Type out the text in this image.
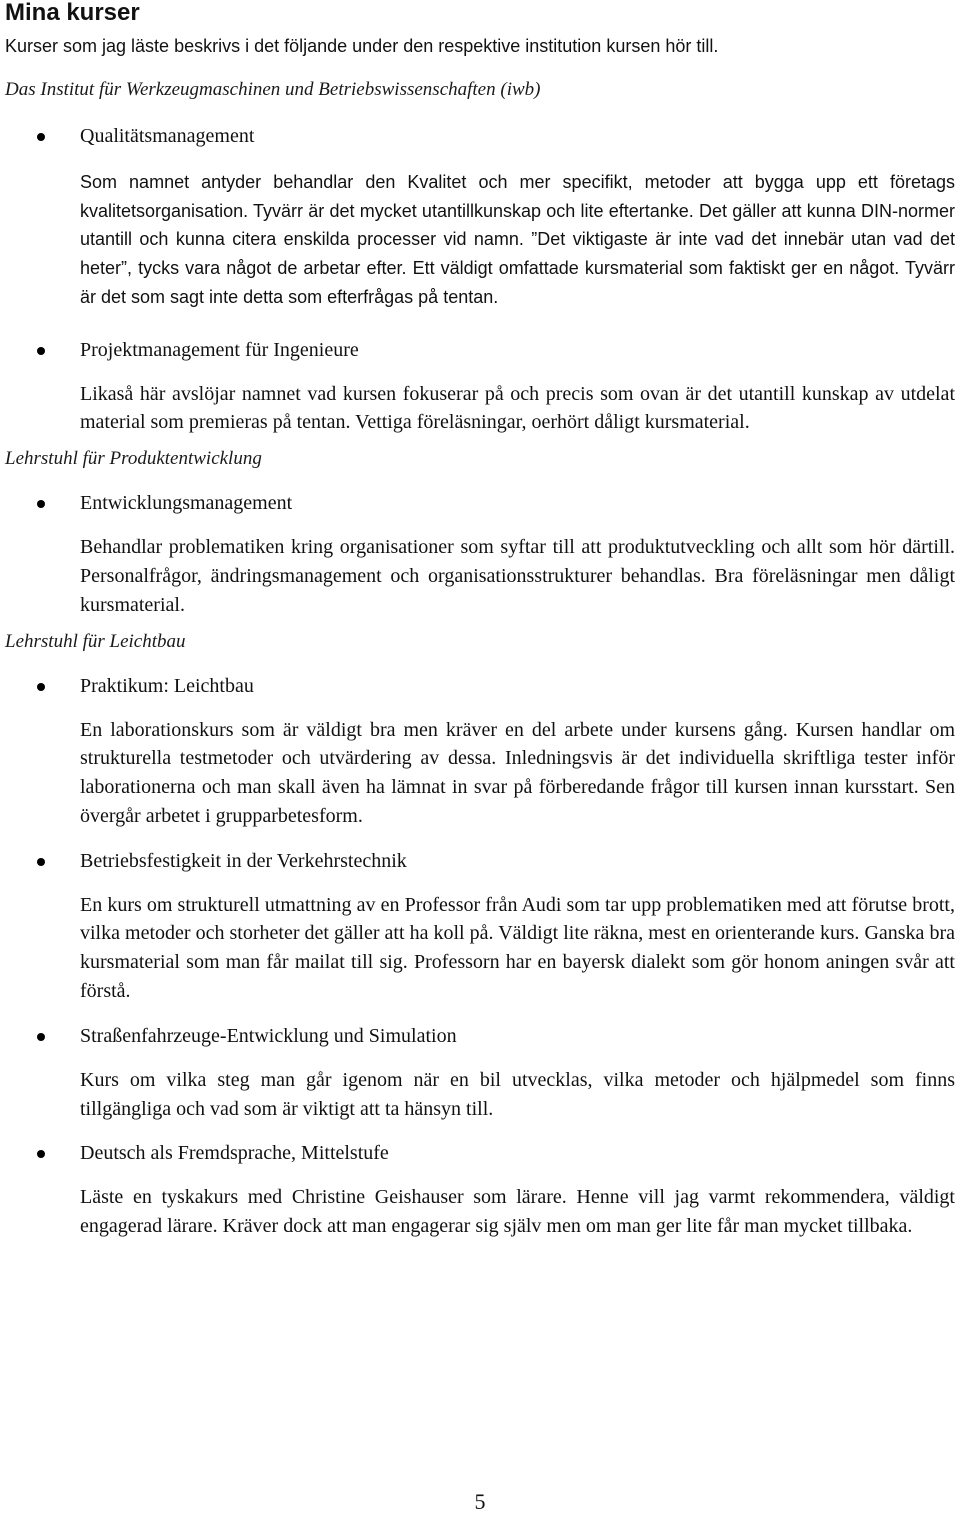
Mina kurser

Kurser som jag läste beskrivs i det följande under den respektive institution kursen hör till.

Das Institut für Werkzeugmaschinen und Betriebswissenschaften (iwb)

Qualitätsmanagement

Som namnet antyder behandlar den Kvalitet och mer specifikt, metoder att bygga upp ett företags kvalitetsorganisation. Tyvärr är det mycket utantillkunskap och lite eftertanke. Det gäller att kunna DIN-normer utantill och kunna citera enskilda processer vid namn. ”Det viktigaste är inte vad det innebär utan vad det heter”, tycks vara något de arbetar efter. Ett väldigt omfattade kursmaterial som faktiskt ger en något. Tyvärr är det som sagt inte detta som efterfrågas på tentan.

Projektmanagement für Ingenieure

Likaså här avslöjar namnet vad kursen fokuserar på och precis som ovan är det utantill kunskap av utdelat material som premieras på tentan. Vettiga föreläsningar, oerhört dåligt kursmaterial.

Lehrstuhl für Produktentwicklung

Entwicklungsmanagement

Behandlar problematiken kring organisationer som syftar till att produktutveckling och allt som hör därtill. Personalfrågor, ändringsmanagement och organisationsstrukturer behandlas. Bra föreläsningar men dåligt kursmaterial.

Lehrstuhl für Leichtbau

Praktikum: Leichtbau

En laborationskurs som är väldigt bra men kräver en del arbete under kursens gång. Kursen handlar om strukturella testmetoder och utvärdering av dessa. Inledningsvis är det individuella skriftliga tester inför laborationerna och man skall även ha lämnat in svar på förberedande frågor till kursen innan kursstart. Sen övergår arbetet i grupparbetesform.

Betriebsfestigkeit in der Verkehrstechnik

En kurs om strukturell utmattning av en Professor från Audi som tar upp problematiken med att förutse brott, vilka metoder och storheter det gäller att ha koll på. Väldigt lite räkna, mest en orienterande kurs. Ganska bra kursmaterial som man får mailat till sig. Professorn har en bayersk dialekt som gör honom aningen svår att förstå.

Straßenfahrzeuge-Entwicklung und Simulation

Kurs om vilka steg man går igenom när en bil utvecklas, vilka metoder och hjälpmedel som finns tillgängliga och vad som är viktigt att ta hänsyn till.

Deutsch als Fremdsprache, Mittelstufe

Läste en tyskakurs med Christine Geishauser som lärare. Henne vill jag varmt rekommendera, väldigt engagerad lärare. Kräver dock att man engagerar sig själv men om man ger lite får man mycket tillbaka.

5
